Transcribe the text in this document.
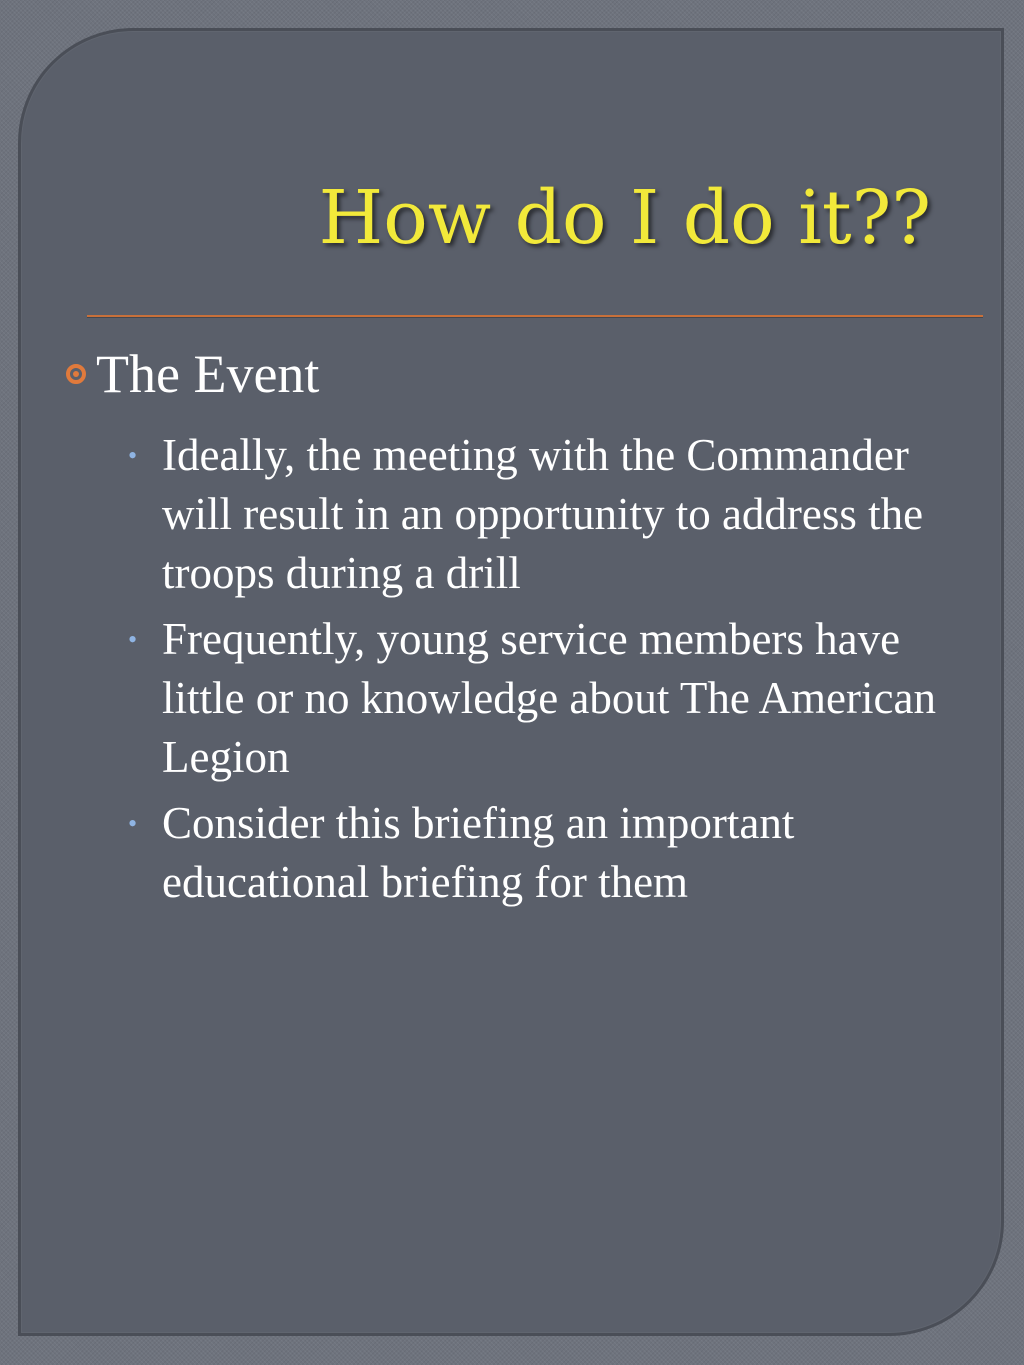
How do I do it??
The Event
• Ideally, the meeting with the Commander will result in an opportunity to address the troops during a drill
• Frequently, young service members have little or no knowledge about The American Legion
• Consider this briefing an important educational briefing for them
